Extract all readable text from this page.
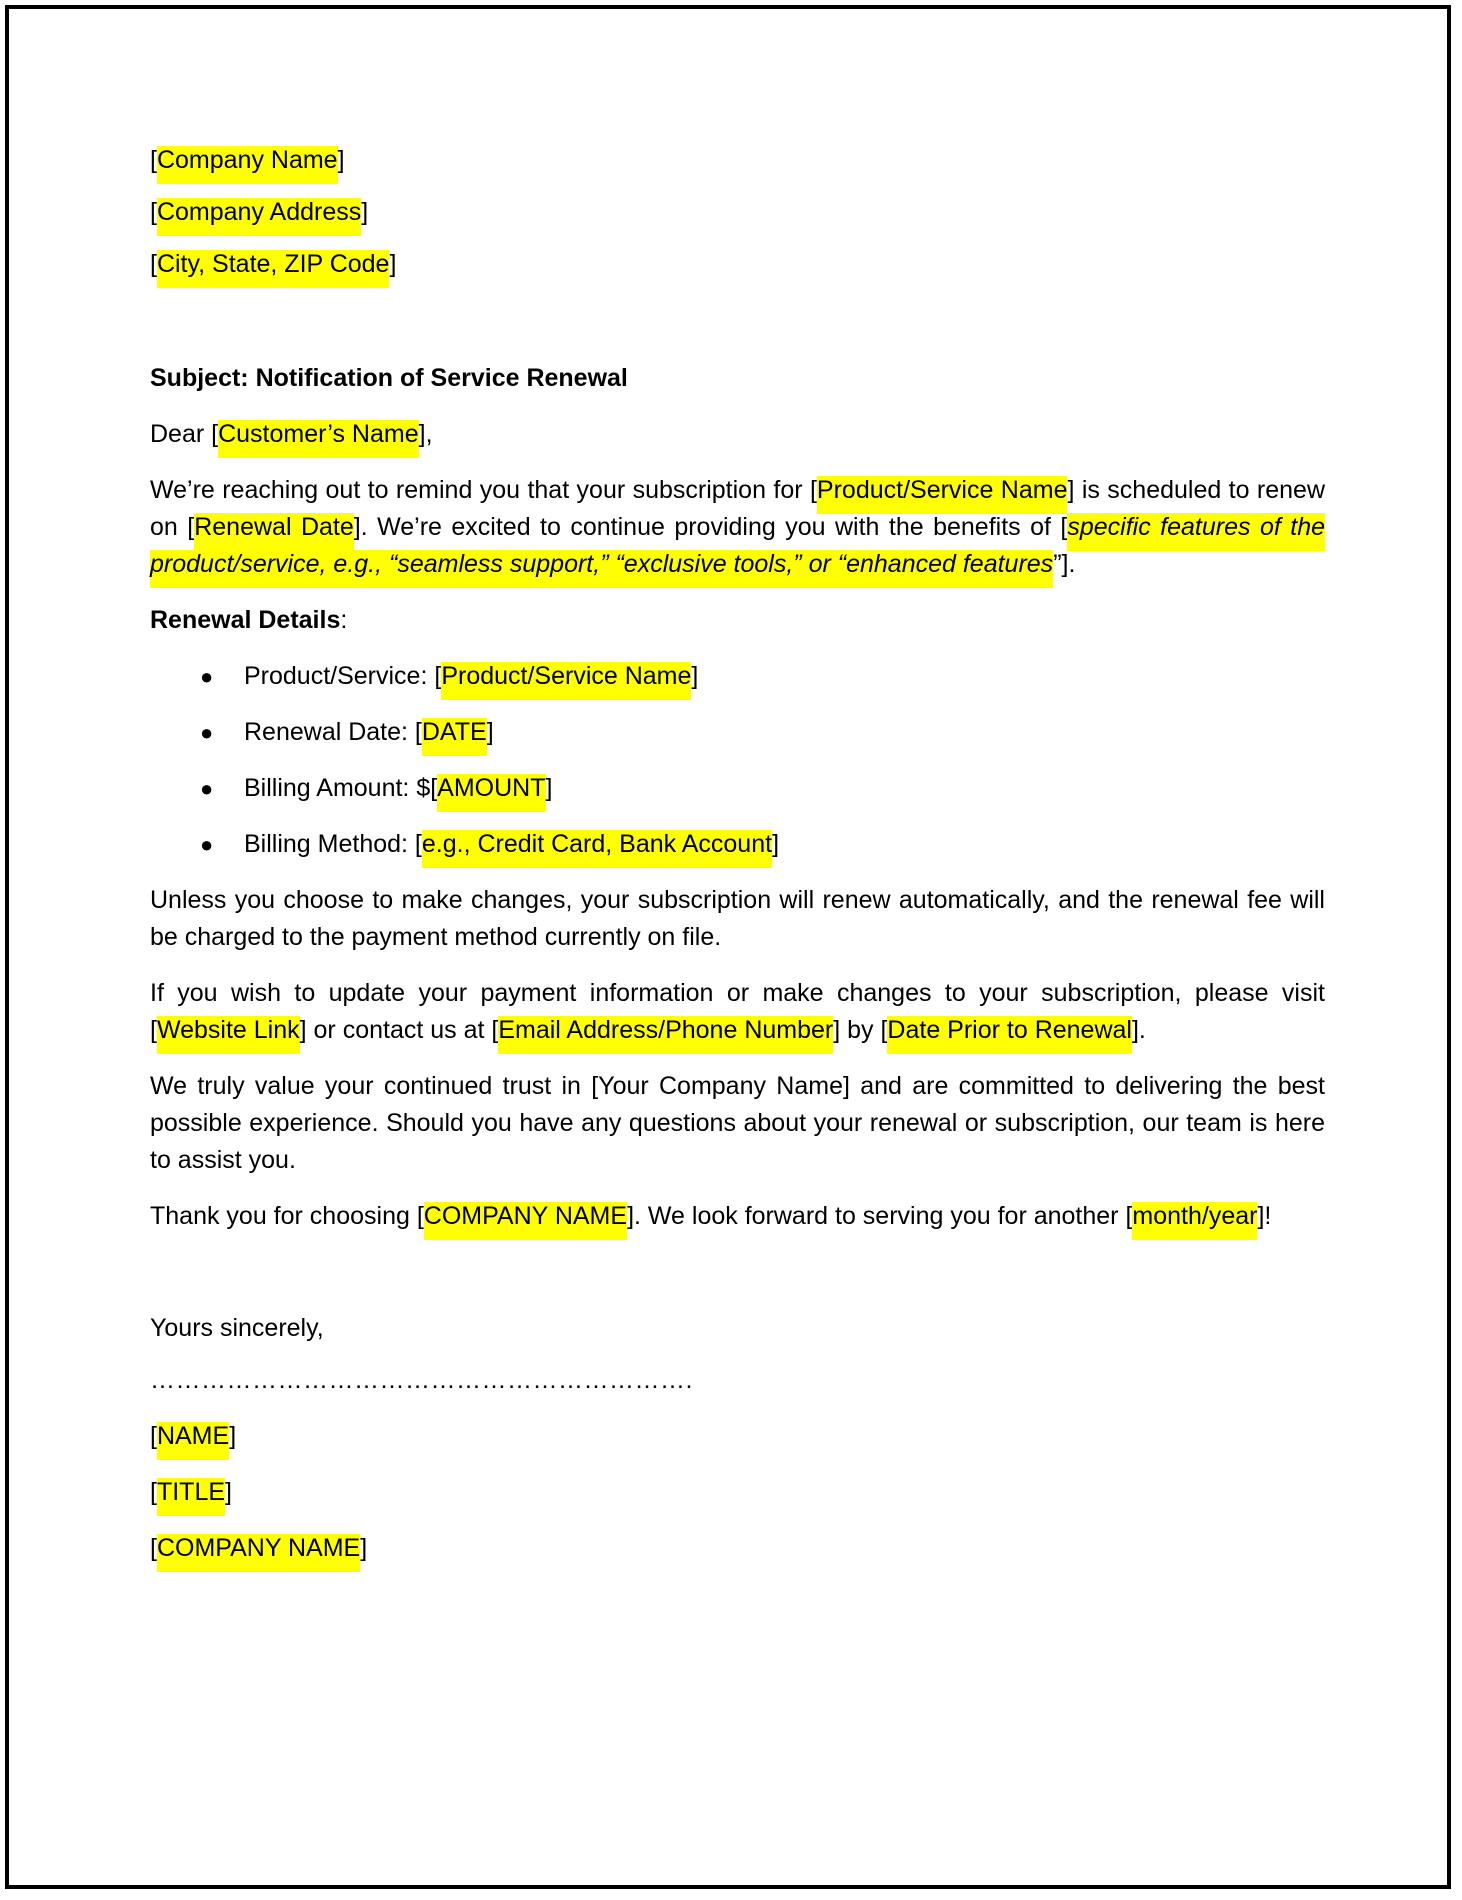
[Company Name]

[Company Address]

[City, State, ZIP Code]

Subject: Notification of Service Renewal

Dear [Customer’s Name],

We’re reaching out to remind you that your subscription for [Product/Service Name] is scheduled to renew on [Renewal Date]. We’re excited to continue providing you with the benefits of [specific features of the product/service, e.g., “seamless support,” “exclusive tools,” or “enhanced features”].

Renewal Details:

● Product/Service: [Product/Service Name]
● Renewal Date: [DATE]
● Billing Amount: $[AMOUNT]
● Billing Method: [e.g., Credit Card, Bank Account]

Unless you choose to make changes, your subscription will renew automatically, and the renewal fee will be charged to the payment method currently on file.

If you wish to update your payment information or make changes to your subscription, please visit [Website Link] or contact us at [Email Address/Phone Number] by [Date Prior to Renewal].

We truly value your continued trust in [Your Company Name] and are committed to delivering the best possible experience. Should you have any questions about your renewal or subscription, our team is here to assist you.

Thank you for choosing [COMPANY NAME]. We look forward to serving you for another [month/year]!

Yours sincerely,

……………………………………………………….

[NAME]

[TITLE]

[COMPANY NAME]
